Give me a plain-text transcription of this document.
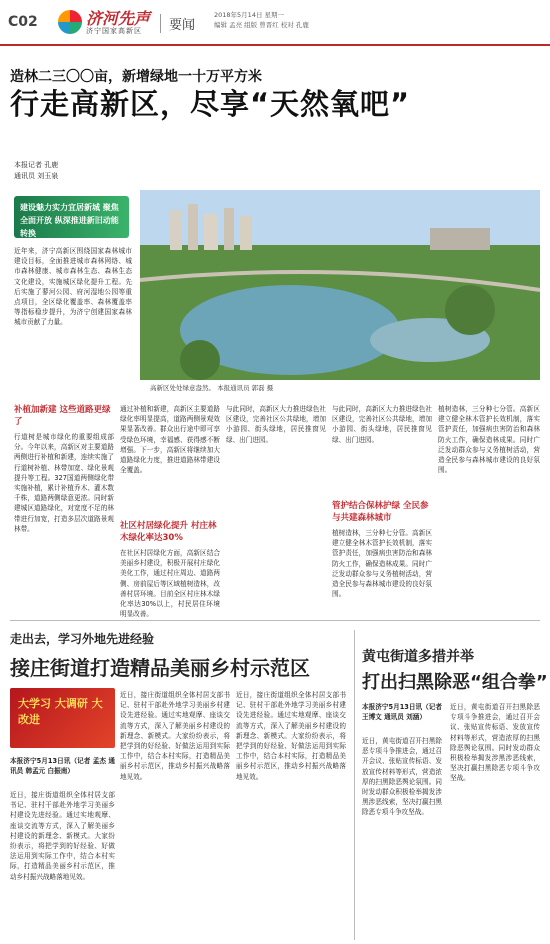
C02	济河先声
济宁国家高新区	要闻
2018年5月14日 星期一
编辑 孟亮 组版 曾晋红 校对 孔鹿
造林二三〇〇亩，新增绿地一十万平方米
行走高新区，尽享“天然氧吧”
本报记者 孔鹿
通讯员 刘玉泉
建设魅力实力宜居新城 聚焦全面开放 纵深推进新旧动能转换
近年来，济宁高新区围绕国家森林城市建设目标，全面推进城市森林网络、城市森林健康、城市森林生态、森林生态文化建设，实施城区绿化提升工程。先后实施了蓼河公园、府河湿地公园等重点项目，全区绿化覆盖率、森林覆盖率等指标稳步提升，为济宁创建国家森林城市贡献了力量。
高新区处处绿意盎然。 本报通讯员 郭磊 摄
补植加新建 这些道路更绿了
行道树是城市绿化的重要组成部分。今年以来，高新区对主要道路两侧进行补植和新建，连续实施了行道树补植、林带加宽、绿化景观提升等工程。327国道两侧绿化带实施补植，累计补植乔木、灌木数千株，道路两侧绿意更浓。同时新建城区道路绿化，对宽度不足的林带进行加宽，打造多层次道路景观林带。
通过补植和新建，高新区主要道路绿化率明显提高，道路两侧景观效果显著改善。群众出行途中即可享受绿色环境，幸福感、获得感不断增强。下一步，高新区将继续加大道路绿化力度，推进道路林带建设全覆盖。
社区村居绿化提升 村庄林木绿化率达30%
在社区村居绿化方面，高新区结合美丽乡村建设，积极开展村庄绿化美化工作，通过村庄周边、道路两侧、房前屋后等区域植树造林，改善村居环境。目前全区村庄林木绿化率达30%以上，村民居住环境明显改善。
与此同时，高新区大力推进绿色社区建设，完善社区公共绿地，增加小游园、街头绿地，居民推窗见绿、出门进园。
与此同时，高新区大力推进绿色社区建设，完善社区公共绿地，增加小游园、街头绿地，居民推窗见绿、出门进园。
管护结合保林护绿 全民参与共建森林城市
植树造林，三分种七分管。高新区建立健全林木管护长效机制，落实管护责任，加强病虫害防治和森林防火工作，确保造林成果。同时广泛发动群众参与义务植树活动，营造全民参与森林城市建设的良好氛围。
植树造林，三分种七分管。高新区建立健全林木管护长效机制，落实管护责任，加强病虫害防治和森林防火工作，确保造林成果。同时广泛发动群众参与义务植树活动，营造全民参与森林城市建设的良好氛围。
走出去，学习外地先进经验
接庄街道打造精品美丽乡村示范区
大学习 大调研 大改进
本报济宁5月13日讯（记者 孟杰 通讯员 韩孟元 白振南）
近日，接庄街道组织全体村居支部书记、驻村干部赴外地学习美丽乡村建设先进经验。通过实地观摩、座谈交流等方式，深入了解美丽乡村建设的新理念、新模式。大家纷纷表示，将把学到的好经验、好做法运用到实际工作中，结合本村实际，打造精品美丽乡村示范区，推动乡村振兴战略落地见效。
近日，接庄街道组织全体村居支部书记、驻村干部赴外地学习美丽乡村建设先进经验。通过实地观摩、座谈交流等方式，深入了解美丽乡村建设的新理念、新模式。大家纷纷表示，将把学到的好经验、好做法运用到实际工作中，结合本村实际，打造精品美丽乡村示范区，推动乡村振兴战略落地见效。
近日，接庄街道组织全体村居支部书记、驻村干部赴外地学习美丽乡村建设先进经验。通过实地观摩、座谈交流等方式，深入了解美丽乡村建设的新理念、新模式。大家纷纷表示，将把学到的好经验、好做法运用到实际工作中，结合本村实际，打造精品美丽乡村示范区，推动乡村振兴战略落地见效。
黄屯街道多措并举
打出扫黑除恶“组合拳”
本报济宁5月13日讯（记者 王博文 通讯员 刘涵）
近日，黄屯街道召开扫黑除恶专项斗争推进会，通过召开会议、张贴宣传标语、发放宣传材料等形式，营造浓厚的扫黑除恶舆论氛围。同时发动群众积极检举揭发涉黑涉恶线索，坚决打赢扫黑除恶专项斗争攻坚战。
近日，黄屯街道召开扫黑除恶专项斗争推进会，通过召开会议、张贴宣传标语、发放宣传材料等形式，营造浓厚的扫黑除恶舆论氛围。同时发动群众积极检举揭发涉黑涉恶线索，坚决打赢扫黑除恶专项斗争攻坚战。
